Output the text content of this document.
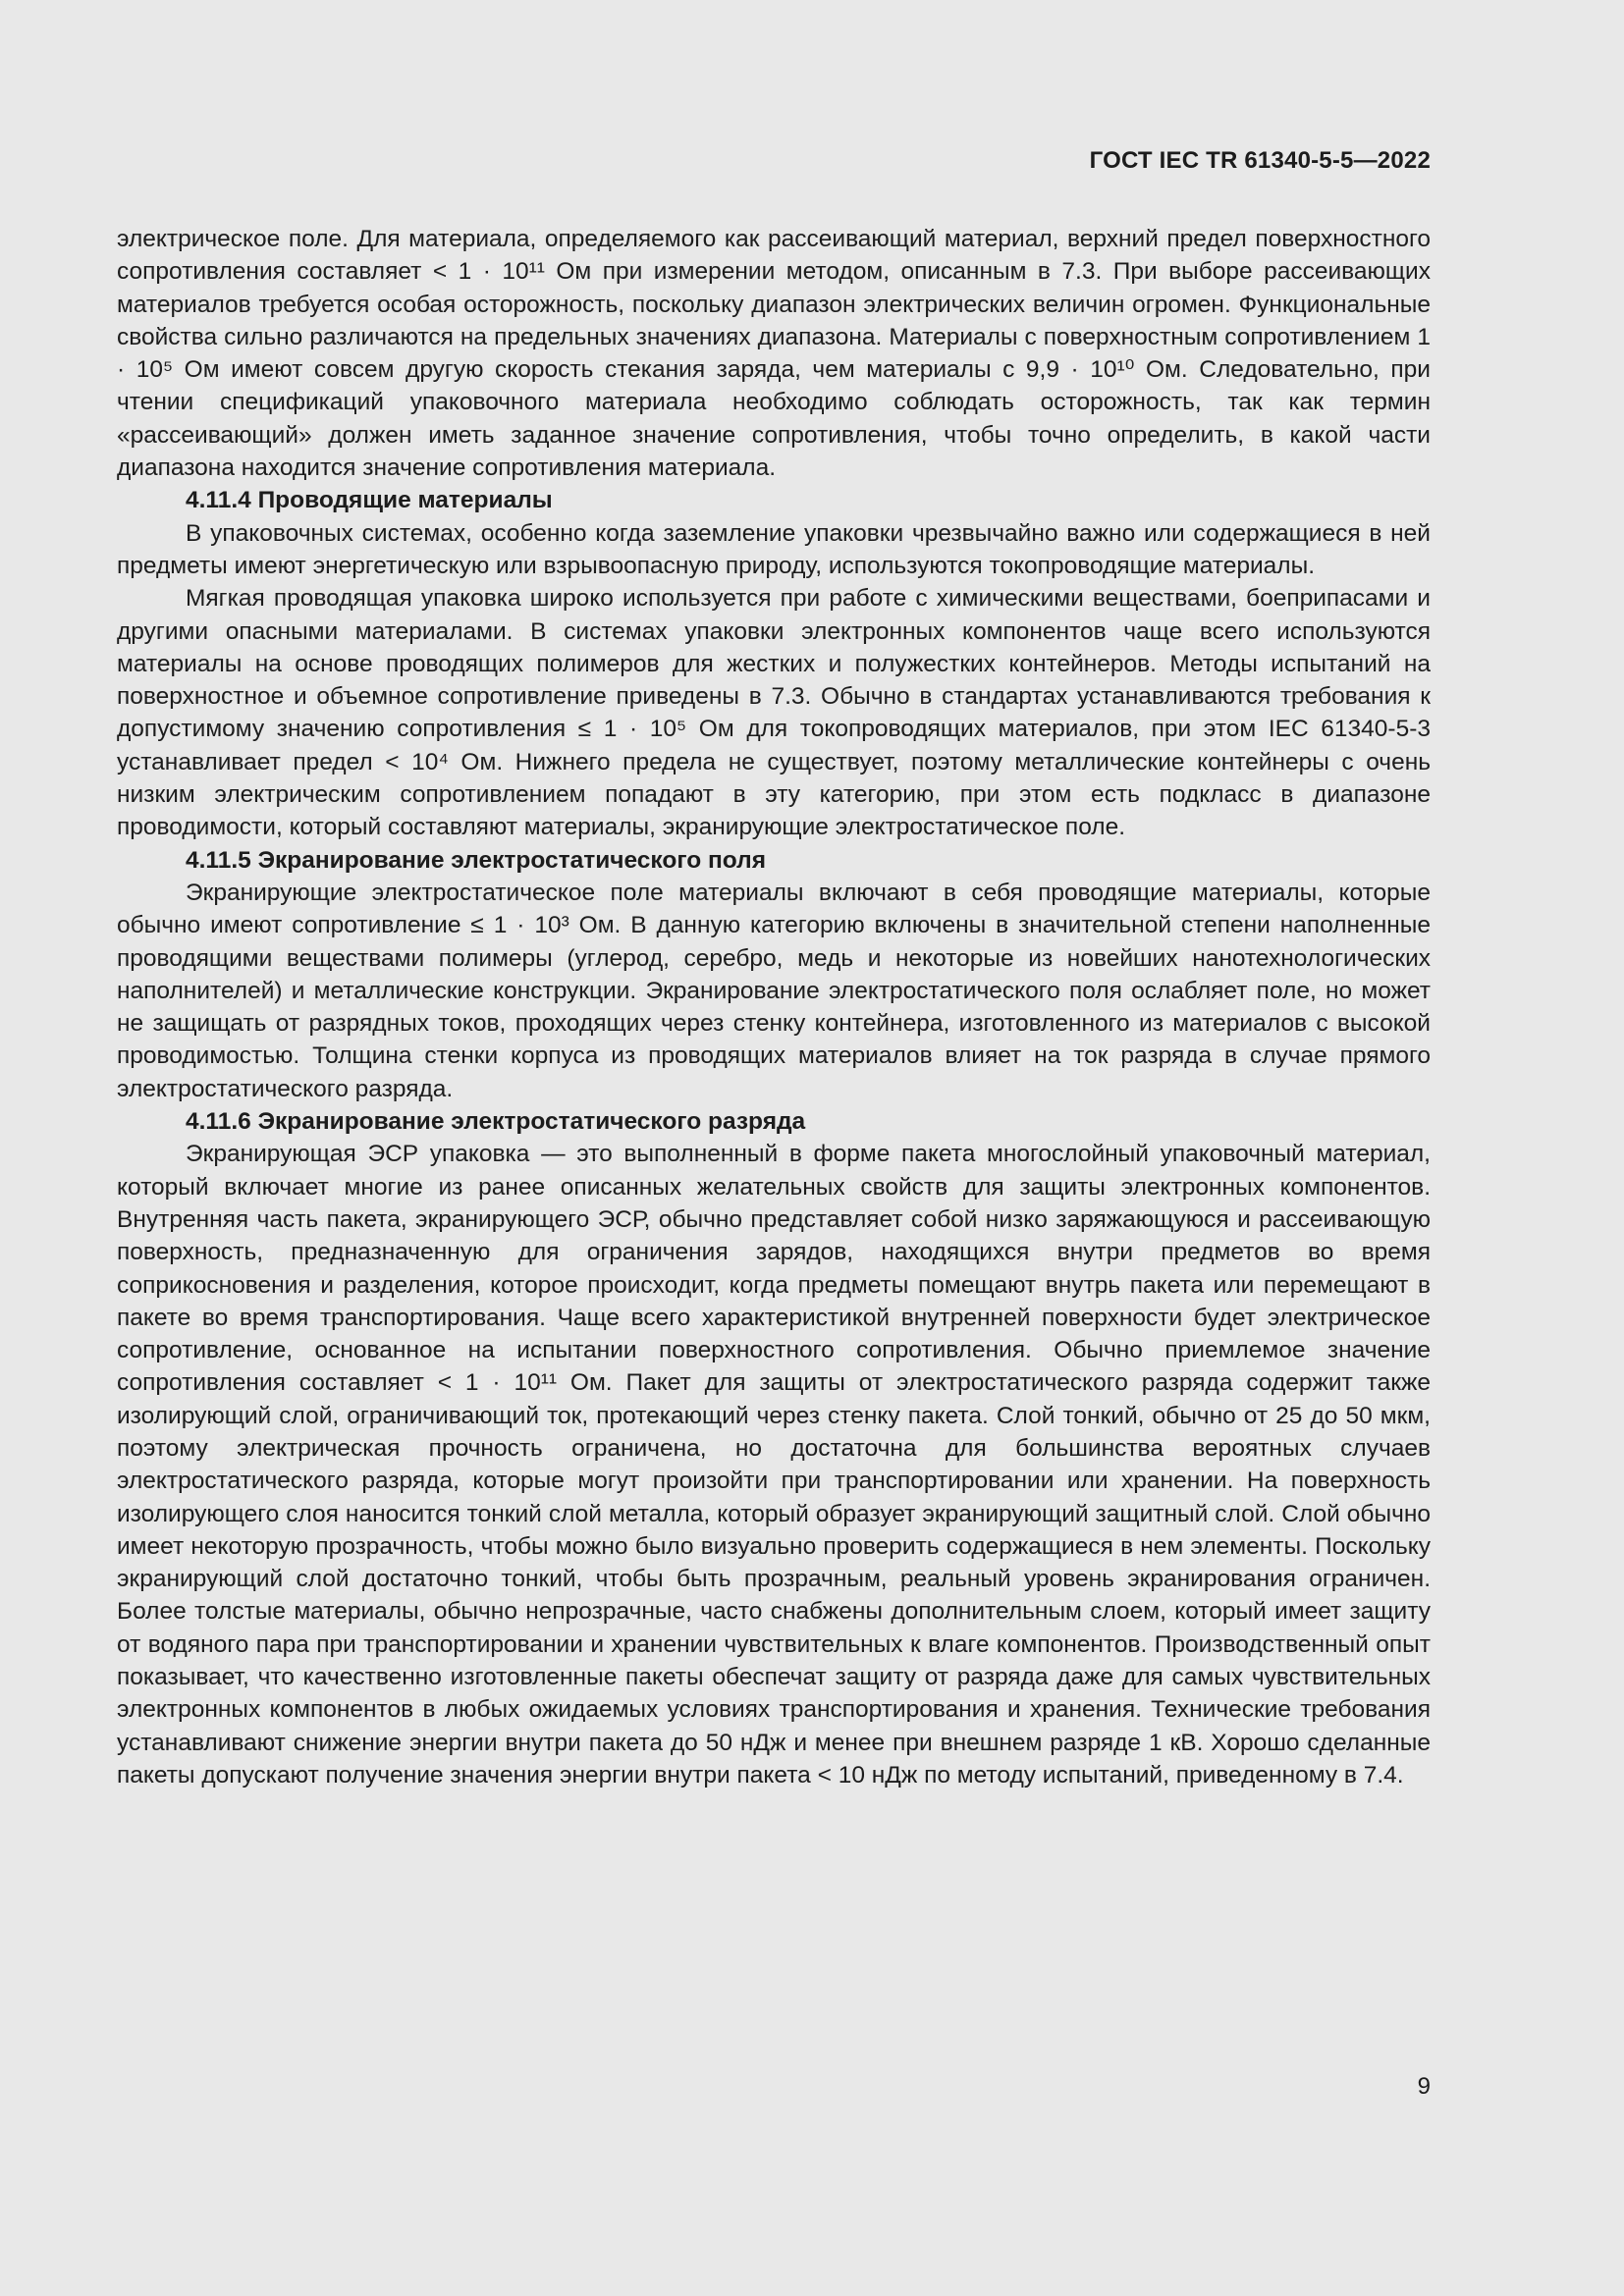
ГОСТ IEC TR 61340-5-5—2022

электрическое поле. Для материала, определяемого как рассеивающий материал, верхний предел поверхностного сопротивления составляет < 1 · 10¹¹ Ом при измерении методом, описанным в 7.3. При выборе рассеивающих материалов требуется особая осторожность, поскольку диапазон электрических величин огромен. Функциональные свойства сильно различаются на предельных значениях диапазона. Материалы с поверхностным сопротивлением 1 · 10⁵ Ом имеют совсем другую скорость стекания заряда, чем материалы с 9,9 · 10¹⁰ Ом. Следовательно, при чтении спецификаций упаковочного материала необходимо соблюдать осторожность, так как термин «рассеивающий» должен иметь заданное значение сопротивления, чтобы точно определить, в какой части диапазона находится значение сопротивления материала.

4.11.4 Проводящие материалы

В упаковочных системах, особенно когда заземление упаковки чрезвычайно важно или содержащиеся в ней предметы имеют энергетическую или взрывоопасную природу, используются токопроводящие материалы.

Мягкая проводящая упаковка широко используется при работе с химическими веществами, боеприпасами и другими опасными материалами. В системах упаковки электронных компонентов чаще всего используются материалы на основе проводящих полимеров для жестких и полужестких контейнеров. Методы испытаний на поверхностное и объемное сопротивление приведены в 7.3. Обычно в стандартах устанавливаются требования к допустимому значению сопротивления ≤ 1 · 10⁵ Ом для токопроводящих материалов, при этом IEC 61340-5-3 устанавливает предел < 10⁴ Ом. Нижнего предела не существует, поэтому металлические контейнеры с очень низким электрическим сопротивлением попадают в эту категорию, при этом есть подкласс в диапазоне проводимости, который составляют материалы, экранирующие электростатическое поле.

4.11.5 Экранирование электростатического поля

Экранирующие электростатическое поле материалы включают в себя проводящие материалы, которые обычно имеют сопротивление ≤ 1 · 10³ Ом. В данную категорию включены в значительной степени наполненные проводящими веществами полимеры (углерод, серебро, медь и некоторые из новейших нанотехнологических наполнителей) и металлические конструкции. Экранирование электростатического поля ослабляет поле, но может не защищать от разрядных токов, проходящих через стенку контейнера, изготовленного из материалов с высокой проводимостью. Толщина стенки корпуса из проводящих материалов влияет на ток разряда в случае прямого электростатического разряда.

4.11.6 Экранирование электростатического разряда

Экранирующая ЭСР упаковка — это выполненный в форме пакета многослойный упаковочный материал, который включает многие из ранее описанных желательных свойств для защиты электронных компонентов. Внутренняя часть пакета, экранирующего ЭСР, обычно представляет собой низко заряжающуюся и рассеивающую поверхность, предназначенную для ограничения зарядов, находящихся внутри предметов во время соприкосновения и разделения, которое происходит, когда предметы помещают внутрь пакета или перемещают в пакете во время транспортирования. Чаще всего характеристикой внутренней поверхности будет электрическое сопротивление, основанное на испытании поверхностного сопротивления. Обычно приемлемое значение сопротивления составляет < 1 · 10¹¹ Ом. Пакет для защиты от электростатического разряда содержит также изолирующий слой, ограничивающий ток, протекающий через стенку пакета. Слой тонкий, обычно от 25 до 50 мкм, поэтому электрическая прочность ограничена, но достаточна для большинства вероятных случаев электростатического разряда, которые могут произойти при транспортировании или хранении. На поверхность изолирующего слоя наносится тонкий слой металла, который образует экранирующий защитный слой. Слой обычно имеет некоторую прозрачность, чтобы можно было визуально проверить содержащиеся в нем элементы. Поскольку экранирующий слой достаточно тонкий, чтобы быть прозрачным, реальный уровень экранирования ограничен. Более толстые материалы, обычно непрозрачные, часто снабжены дополнительным слоем, который имеет защиту от водяного пара при транспортировании и хранении чувствительных к влаге компонентов. Производственный опыт показывает, что качественно изготовленные пакеты обеспечат защиту от разряда даже для самых чувствительных электронных компонентов в любых ожидаемых условиях транспортирования и хранения. Технические требования устанавливают снижение энергии внутри пакета до 50 нДж и менее при внешнем разряде 1 кВ. Хорошо сделанные пакеты допускают получение значения энергии внутри пакета < 10 нДж по методу испытаний, приведенному в 7.4.

9
